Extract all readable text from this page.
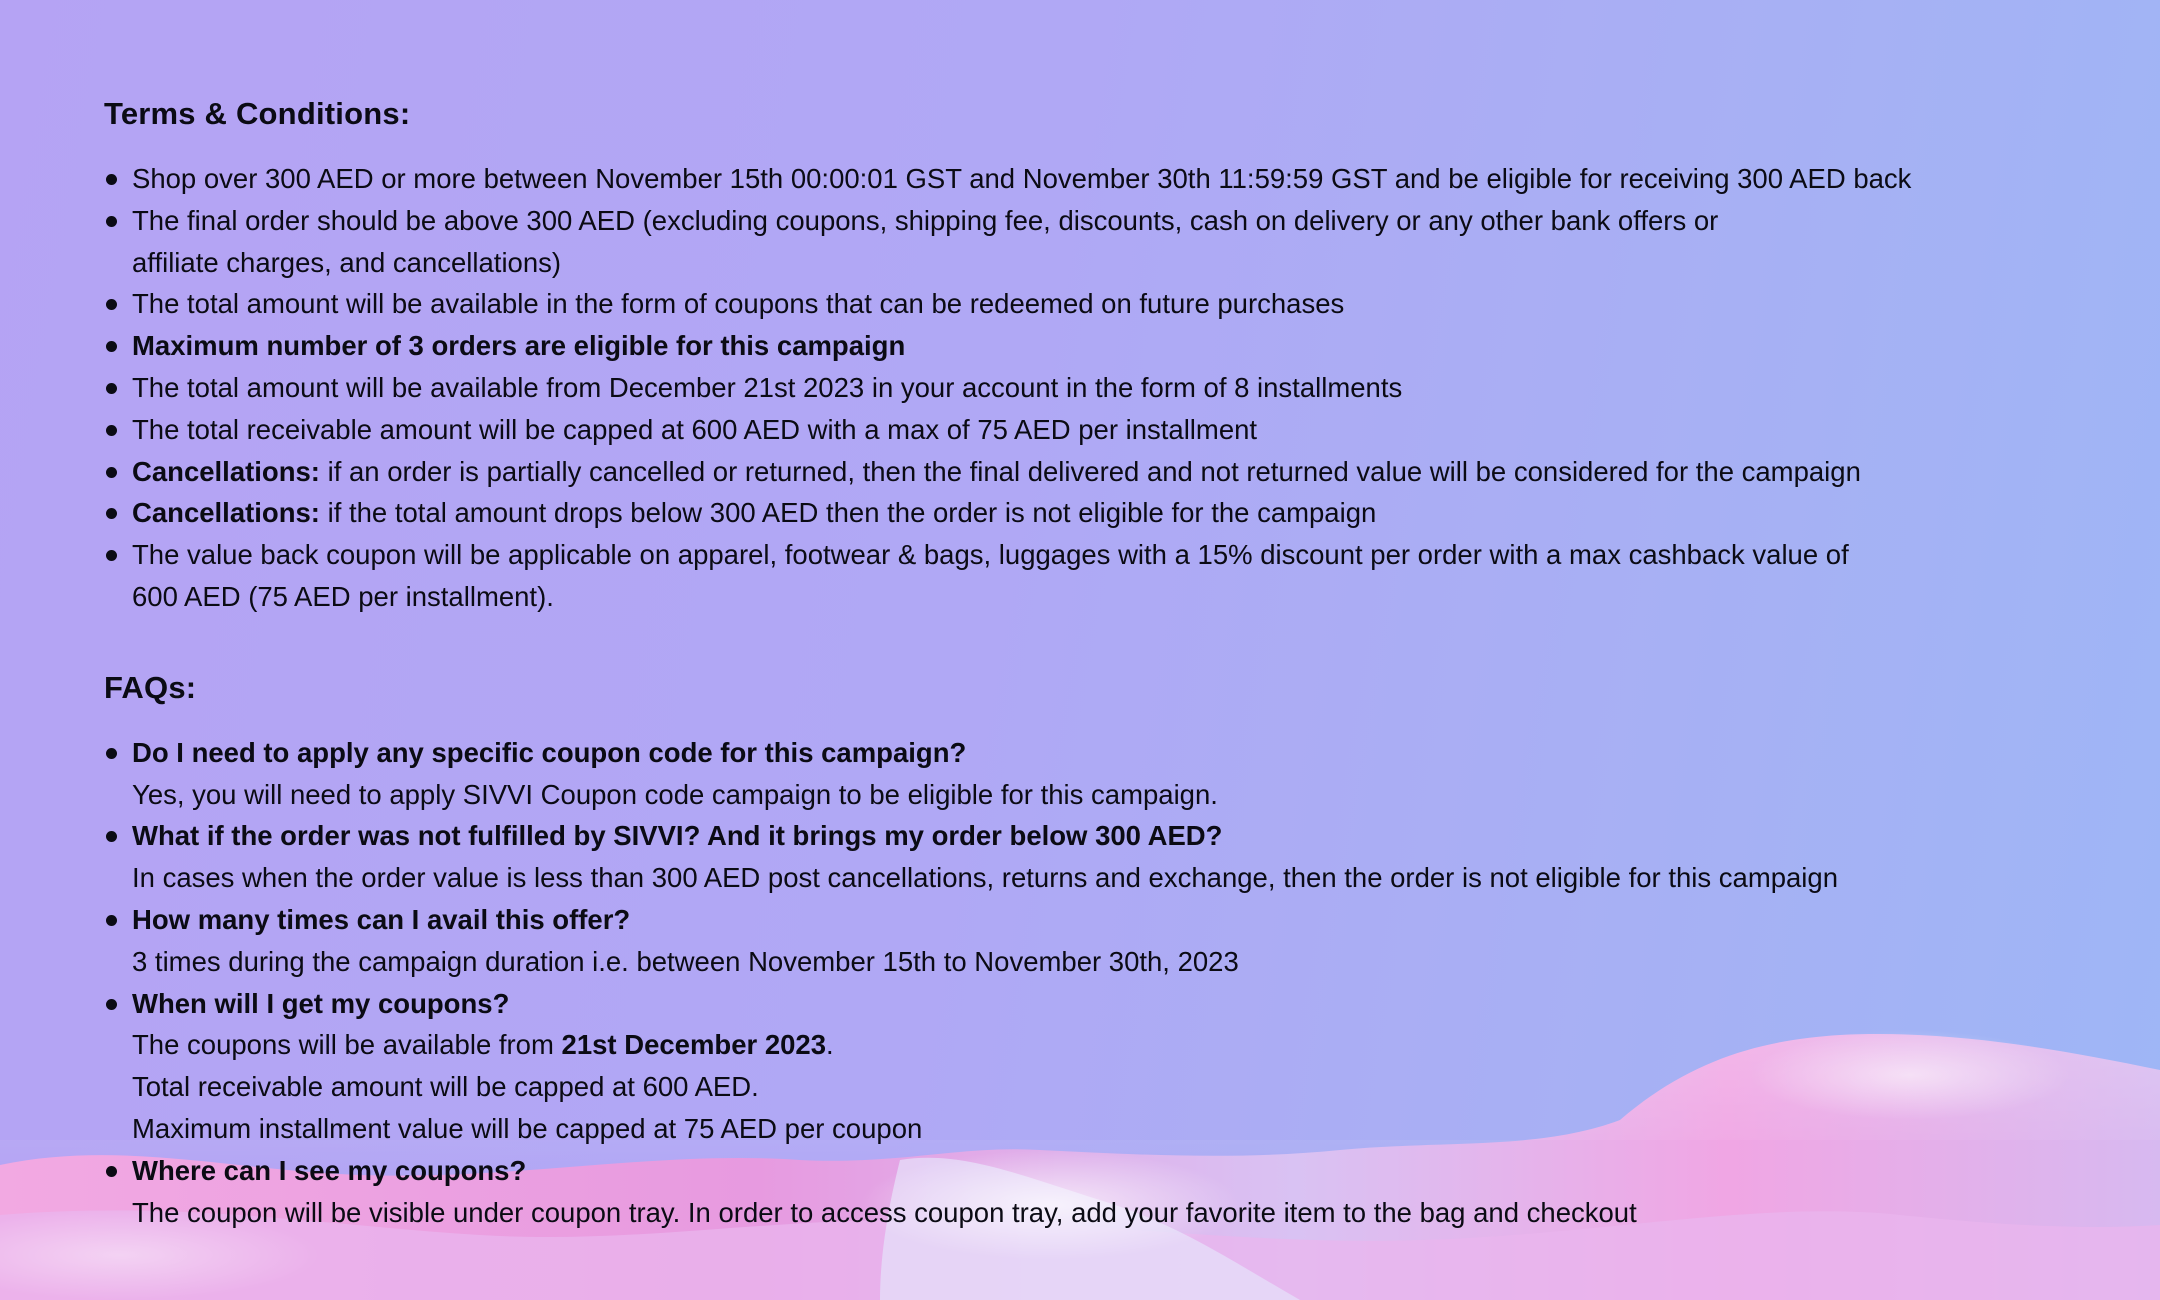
Terms & Conditions:
Shop over 300 AED or more between November 15th 00:00:01 GST and November 30th 11:59:59 GST and be eligible for receiving 300 AED back
The final order should be above 300 AED (excluding coupons, shipping fee, discounts, cash on delivery or any other bank offers or
affiliate charges, and cancellations)
The total amount will be available in the form of coupons that can be redeemed on future purchases
Maximum number of 3 orders are eligible for this campaign
The total amount will be available from December 21st 2023 in your account in the form of 8 installments
The total receivable amount will be capped at 600 AED with a max of 75 AED per installment
Cancellations: if an order is partially cancelled or returned, then the final delivered and not returned value will be considered for the campaign
Cancellations: if the total amount drops below 300 AED then the order is not eligible for the campaign
The value back coupon will be applicable on apparel, footwear & bags, luggages with a 15% discount per order with a max cashback value of
600 AED (75 AED per installment).
FAQs:
Do I need to apply any specific coupon code for this campaign?
Yes, you will need to apply SIVVI Coupon code campaign to be eligible for this campaign.
What if the order was not fulfilled by SIVVI? And it brings my order below 300 AED?
In cases when the order value is less than 300 AED post cancellations, returns and exchange, then the order is not eligible for this campaign
How many times can I avail this offer?
3 times during the campaign duration i.e. between November 15th to November 30th, 2023
When will I get my coupons?
The coupons will be available from 21st December 2023.
Total receivable amount will be capped at 600 AED.
Maximum installment value will be capped at 75 AED per coupon
Where can I see my coupons?
The coupon will be visible under coupon tray. In order to access coupon tray, add your favorite item to the bag and checkout
